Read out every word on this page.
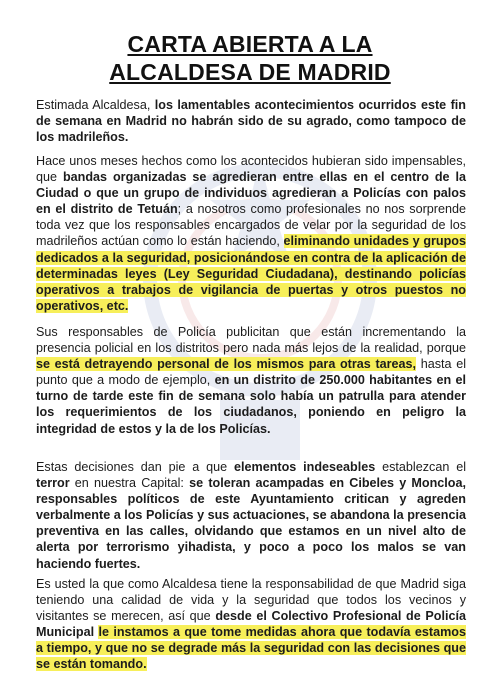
CARTA ABIERTA A LA
ALCALDESA DE MADRID

Estimada Alcaldesa, los lamentables acontecimientos ocurridos este fin de semana en Madrid no habrán sido de su agrado, como tampoco de los madrileños.

Hace unos meses hechos como los acontecidos hubieran sido impensables, que bandas organizadas se agredieran entre ellas en el centro de la Ciudad o que un grupo de individuos agredieran a Policías con palos en el distrito de Tetuán; a nosotros como profesionales no nos sorprende toda vez que los responsables encargados de velar por la seguridad de los madrileños actúan como lo están haciendo, eliminando unidades y grupos dedicados a la seguridad, posicionándose en contra de la aplicación de determinadas leyes (Ley Seguridad Ciudadana), destinando policías operativos a trabajos de vigilancia de puertas y otros puestos no operativos, etc.

Sus responsables de Policía publicitan que están incrementando la presencia policial en los distritos pero nada más lejos de la realidad, porque se está detrayendo personal de los mismos para otras tareas, hasta el punto que a modo de ejemplo, en un distrito de 250.000 habitantes en el turno de tarde este fin de semana solo había un patrulla para atender los requerimientos de los ciudadanos, poniendo en peligro la integridad de estos y la de los Policías.

Estas decisiones dan pie a que elementos indeseables establezcan el terror en nuestra Capital: se toleran acampadas en Cibeles y Moncloa, responsables políticos de este Ayuntamiento critican y agreden verbalmente a los Policías y sus actuaciones, se abandona la presencia preventiva en las calles, olvidando que estamos en un nivel alto de alerta por terrorismo yihadista, y poco a poco los malos se van haciendo fuertes.

Es usted la que como Alcaldesa tiene la responsabilidad de que Madrid siga teniendo una calidad de vida y la seguridad que todos los vecinos y visitantes se merecen, así que desde el Colectivo Profesional de Policía Municipal le instamos a que tome medidas ahora que todavía estamos a tiempo, y que no se degrade más la seguridad con las decisiones que se están tomando.
